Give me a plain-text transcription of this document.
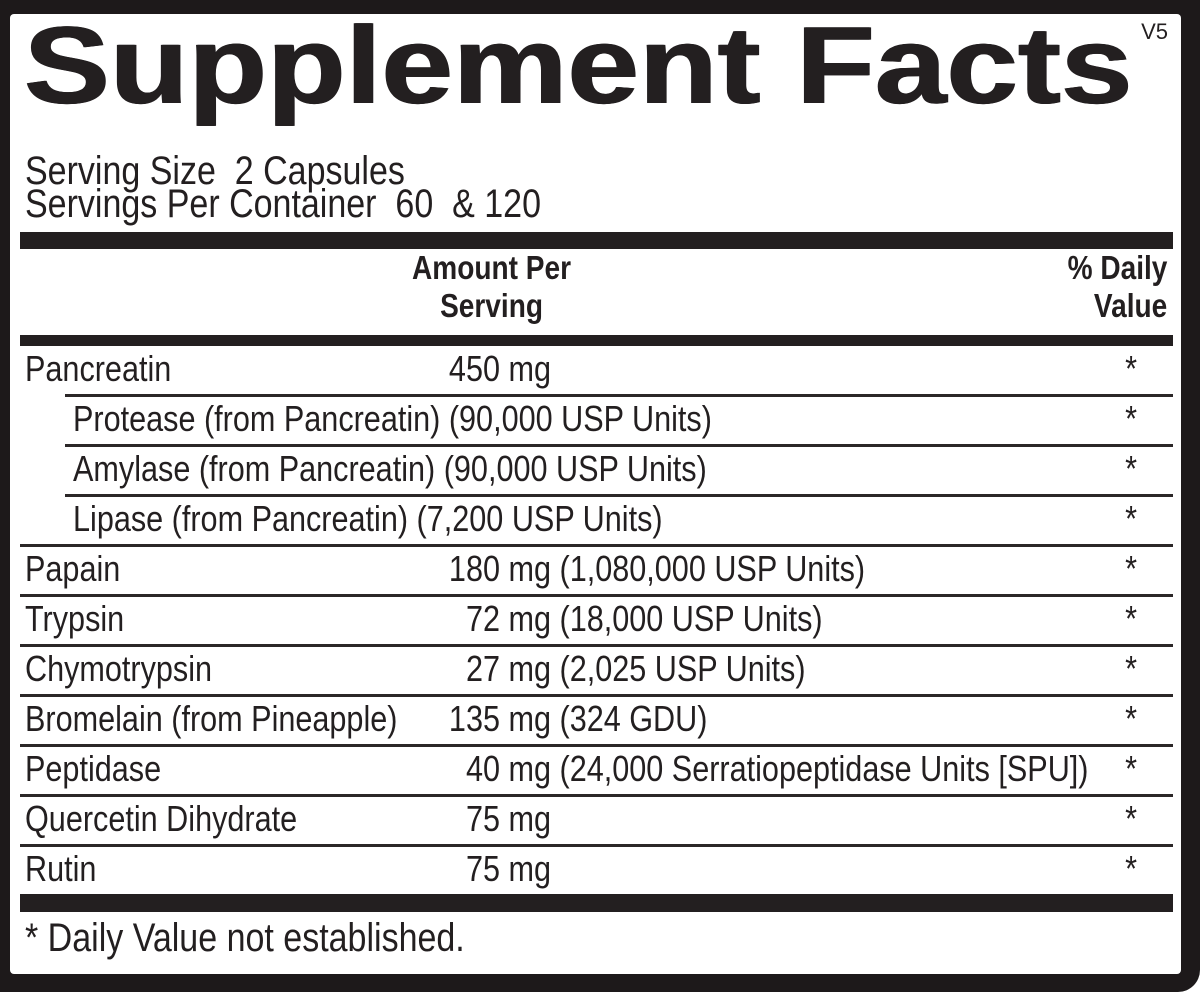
Supplement Facts V5
Serving Size 2 Capsules
Servings Per Container 60  & 120
Amount Per
Serving
% Daily
Value
Pancreatin	450 mg	*
Protease (from Pancreatin) (90,000 USP Units)	*
Amylase (from Pancreatin) (90,000 USP Units)	*
Lipase (from Pancreatin) (7,200 USP Units)	*
Papain	180 mg (1,080,000 USP Units)	*
Trypsin	72 mg (18,000 USP Units)	*
Chymotrypsin	27 mg (2,025 USP Units)	*
Bromelain (from Pineapple)	135 mg (324 GDU)	*
Peptidase	40 mg (24,000 Serratiopeptidase Units [SPU])	*
Quercetin Dihydrate	75 mg	*
Rutin	75 mg	*
* Daily Value not established.
